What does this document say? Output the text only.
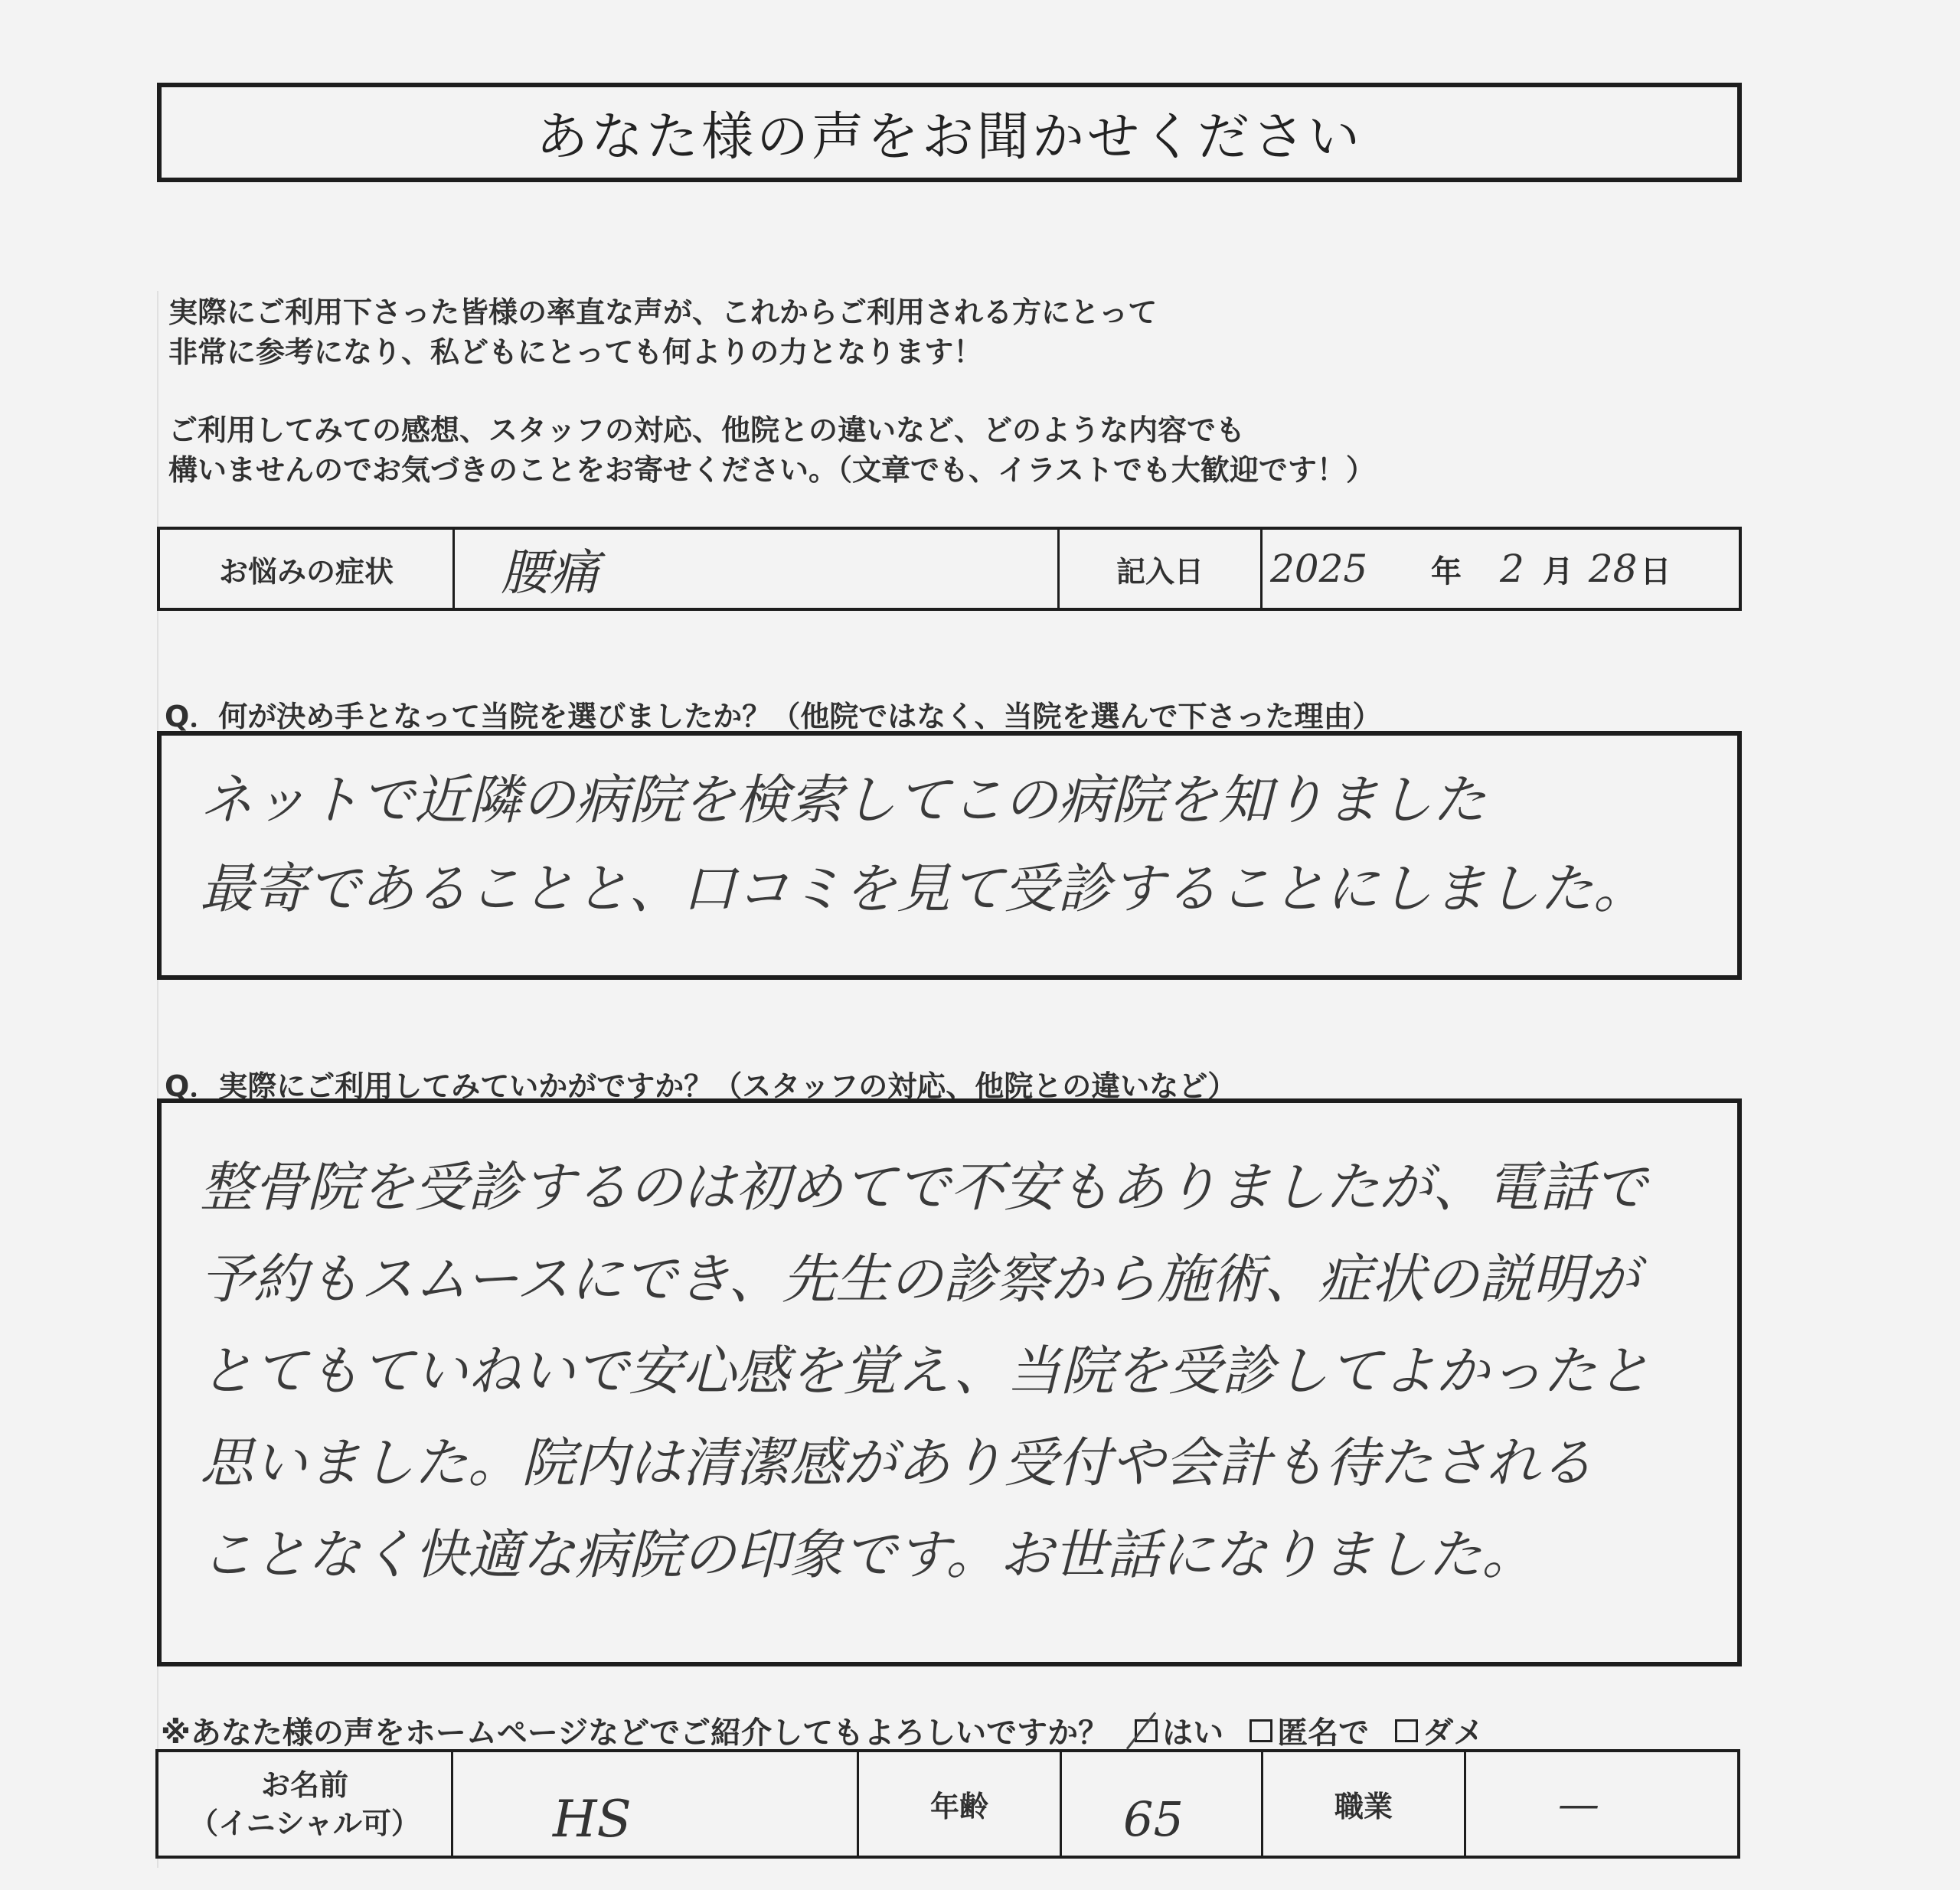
あなた様の声をお聞かせください

実際にご利用下さった皆様の率直な声が、これからご利用される方にとって

非常に参考になり、私どもにとっても何よりの力となります！

ご利用してみての感想、スタッフの対応、他院との違いなど、どのような内容でも

構いませんのでお気づきのことをお寄せください。（文章でも、イラストでも大歓迎です！）

お悩みの症状	腰痛	記入日	2025	年 2 月 28 日
Q．何が決め手となって当院を選びましたか？（他院ではなく、当院を選んで下さった理由）
ネットで近隣の病院を検索してこの病院を知りました
最寄であることと、口コミを見て受診することにしました。
Q．実際にご利用してみていかがですか？（スタッフの対応、他院との違いなど）
整骨院を受診するのは初めてで不安もありましたが、電話で
予約もスムースにでき、先生の診察から施術、症状の説明が
とてもていねいで安心感を覚え、当院を受診してよかったと
思いました。院内は清潔感があり受付や会計も待たされる
ことなく快適な病院の印象です。お世話になりました。
※あなた様の声をホームページなどでご紹介してもよろしいですか？ はい 匿名で ダメ
お名前
（イニシャル可）	HS	年齢	65	職業	—
